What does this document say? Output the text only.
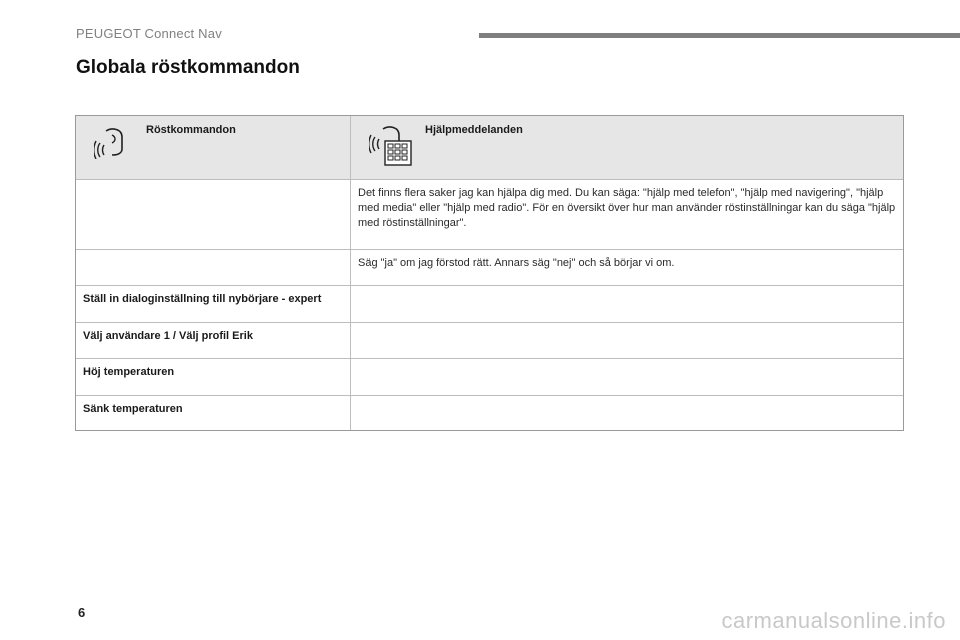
PEUGEOT Connect Nav
Globala röstkommandon
Röstkommandon	Hjälpmeddelanden
Det finns flera saker jag kan hjälpa dig med. Du kan säga: "hjälp med telefon", "hjälp med navigering", "hjälp med media" eller "hjälp med radio". För en översikt över hur man använder röstinställningar kan du säga "hjälp med röstinställningar".
Säg "ja" om jag förstod rätt. Annars säg "nej" och så börjar vi om.
Ställ in dialoginställning till nybörjare - expert
Välj användare 1 / Välj profil Erik
Höj temperaturen
Sänk temperaturen
6	carmanualsonline.info
